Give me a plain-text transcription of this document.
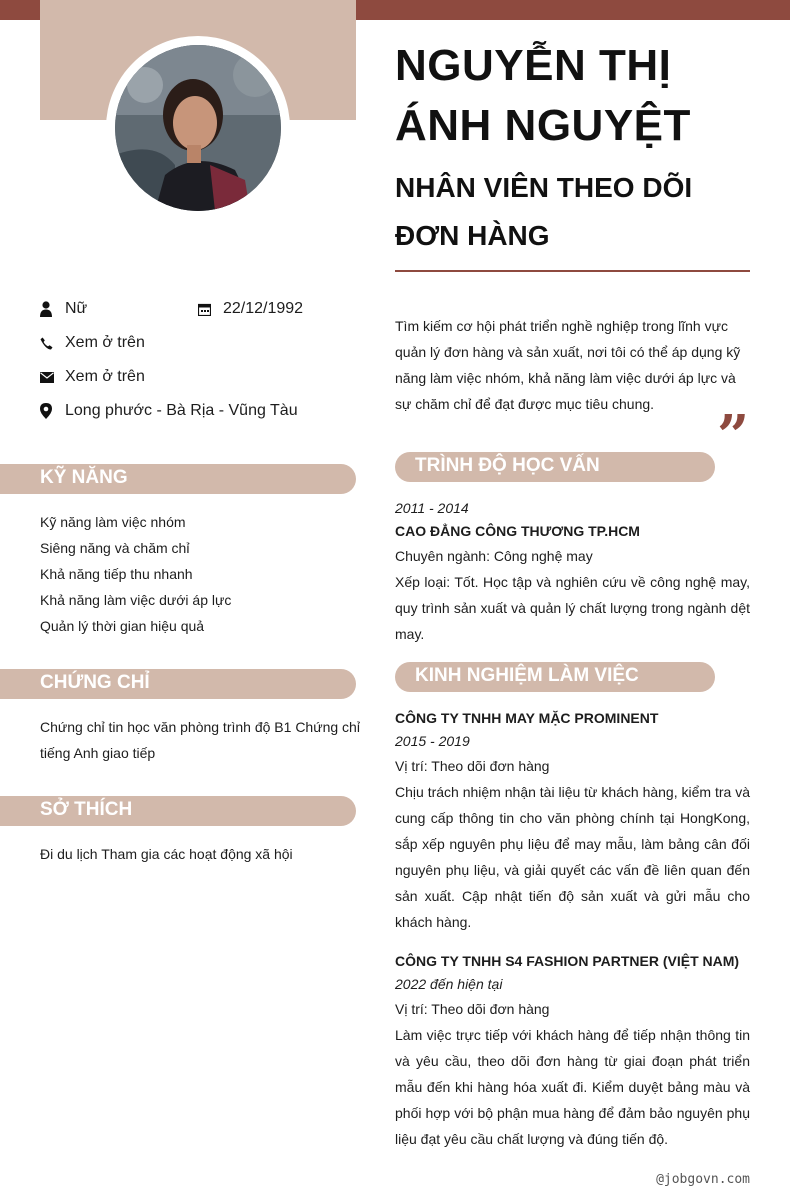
Nữ	22/12/1992
Xem ở trên
Xem ở trên
Long phước - Bà Rịa - Vũng Tàu
KỸ NĂNG
Kỹ năng làm việc nhóm
Siêng năng và chăm chỉ
Khả năng tiếp thu nhanh
Khả năng làm việc dưới áp lực
Quản lý thời gian hiệu quả
CHỨNG CHỈ
Chứng chỉ tin học văn phòng trình độ B1 Chứng chỉ tiếng Anh giao tiếp
SỞ THÍCH
Đi du lịch Tham gia các hoạt động xã hội
NGUYỄN THỊ ÁNH NGUYỆT
NHÂN VIÊN THEO DÕI ĐƠN HÀNG
Tìm kiếm cơ hội phát triển nghề nghiệp trong lĩnh vực quản lý đơn hàng và sản xuất, nơi tôi có thể áp dụng kỹ năng làm việc nhóm, khả năng làm việc dưới áp lực và sự chăm chỉ để đạt được mục tiêu chung.	”
TRÌNH ĐỘ HỌC VẤN
2011 - 2014
CAO ĐẲNG CÔNG THƯƠNG TP.HCM
Chuyên ngành: Công nghệ may
Xếp loại: Tốt. Học tập và nghiên cứu về công nghệ may, quy trình sản xuất và quản lý chất lượng trong ngành dệt may.
KINH NGHIỆM LÀM VIỆC
CÔNG TY TNHH MAY MẶC PROMINENT
2015 - 2019
Vị trí: Theo dõi đơn hàng
Chịu trách nhiệm nhận tài liệu từ khách hàng, kiểm tra và cung cấp thông tin cho văn phòng chính tại HongKong, sắp xếp nguyên phụ liệu để may mẫu, làm bảng cân đối nguyên phụ liệu, và giải quyết các vấn đề liên quan đến sản xuất. Cập nhật tiến độ sản xuất và gửi mẫu cho khách hàng.
CÔNG TY TNHH S4 FASHION PARTNER (VIỆT NAM)
2022 đến hiện tại
Vị trí: Theo dõi đơn hàng
Làm việc trực tiếp với khách hàng để tiếp nhận thông tin và yêu cầu, theo dõi đơn hàng từ giai đoạn phát triển mẫu đến khi hàng hóa xuất đi. Kiểm duyệt bảng màu và phối hợp với bộ phận mua hàng để đảm bảo nguyên phụ liệu đạt yêu cầu chất lượng và đúng tiến độ.
@jobgovn.com
